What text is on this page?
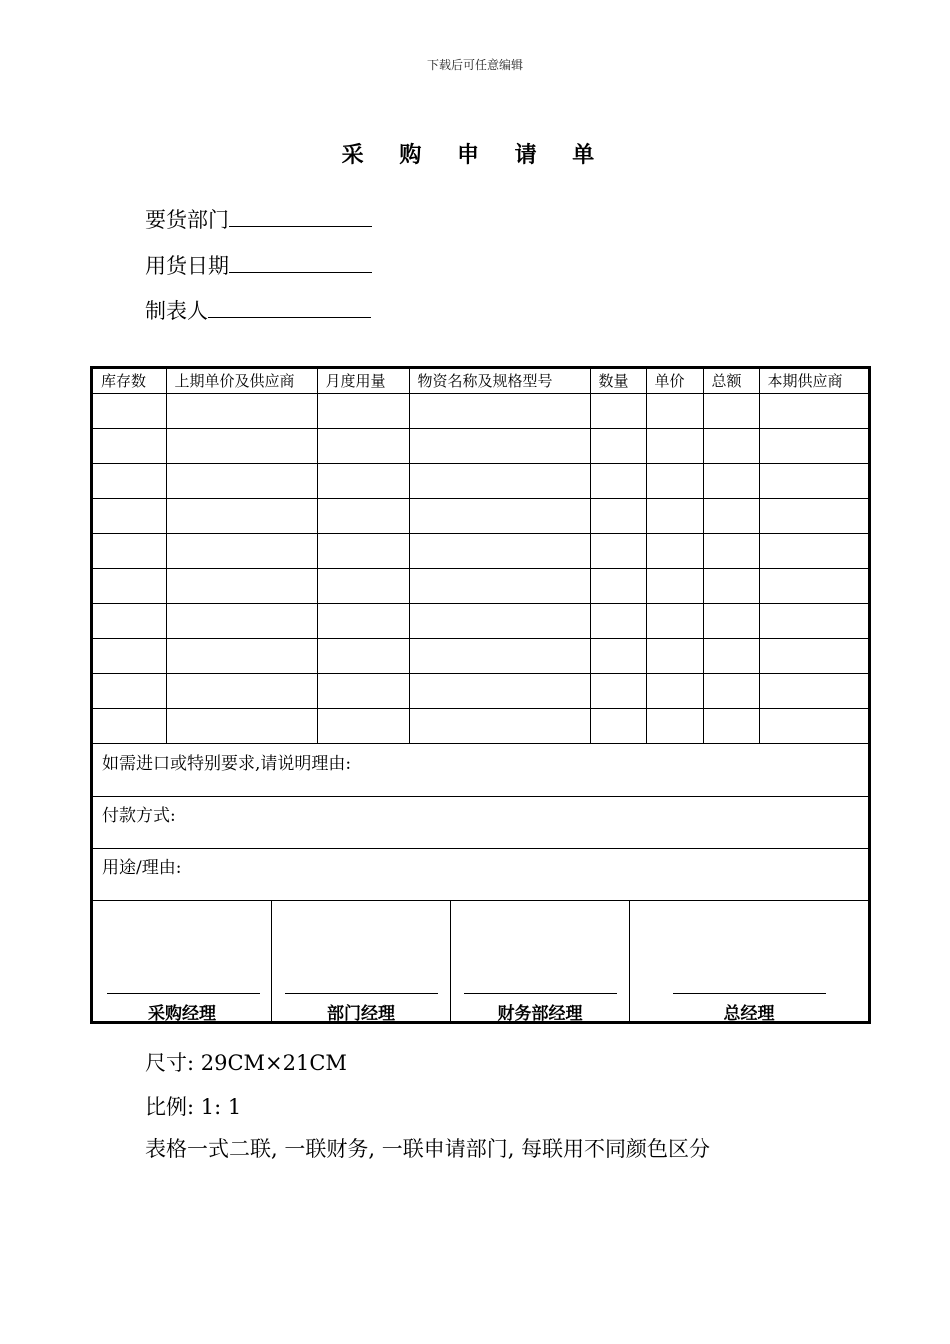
下载后可任意编辑
采 购 申 请 单
要货部门
用货日期
制表人
库存数	上期单价及供应商	月度用量	物资名称及规格型号	数量	单价	总额	本期供应商

如需进口或特别要求,请说明理由:
付款方式:
用途/理由:
采购经理	部门经理	财务部经理	总经理
尺寸: 29CM×21CM
比例: 1: 1
表格一式二联, 一联财务, 一联申请部门, 每联用不同颜色区分
